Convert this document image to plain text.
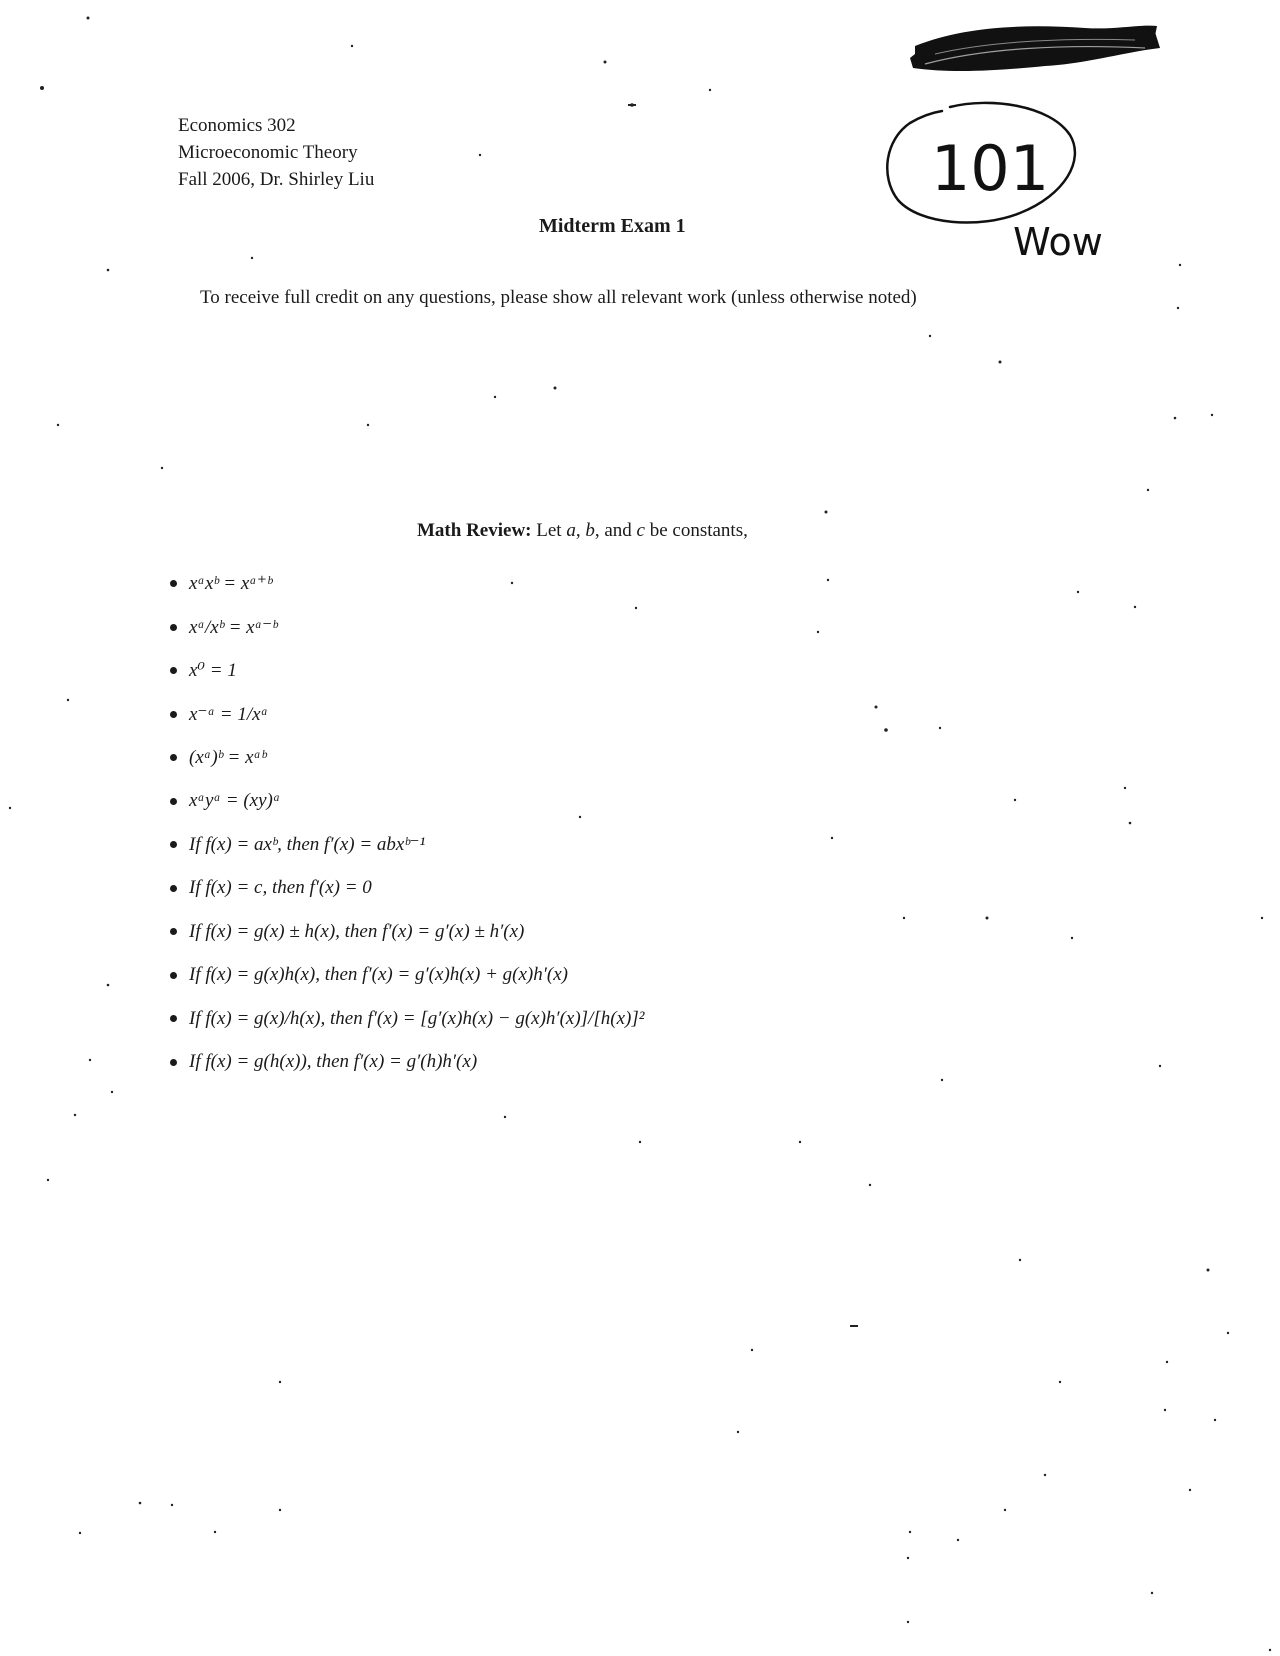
Economics 302
Microeconomic Theory
Fall 2006, Dr. Shirley Liu	101
Wow
Midterm Exam 1
To receive full credit on any questions, please show all relevant work (unless otherwise noted)
Math Review: Let a, b, and c be constants,
xᵃxᵇ = xᵃ⁺ᵇ
xᵃ/xᵇ = xᵃ⁻ᵇ
x⁰ = 1
x⁻ᵃ = 1/xᵃ
(xᵃ)ᵇ = xᵃᵇ
xᵃyᵃ = (xy)ᵃ
If f(x) = axᵇ, then f′(x) = abxᵇ⁻¹
If f(x) = c, then f′(x) = 0
If f(x) = g(x) ± h(x), then f′(x) = g′(x) ± h′(x)
If f(x) = g(x)h(x), then f′(x) = g′(x)h(x) + g(x)h′(x)
If f(x) = g(x)/h(x), then f′(x) = [g′(x)h(x) − g(x)h′(x)]/[h(x)]²
If f(x) = g(h(x)), then f′(x) = g′(h)h′(x)
